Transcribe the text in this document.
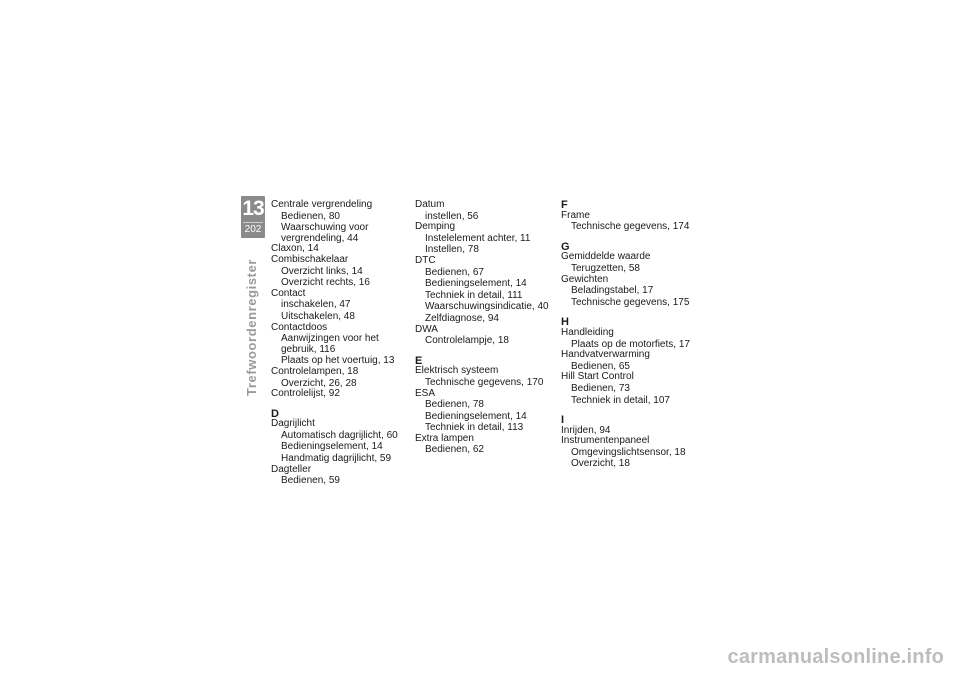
13
202
Trefwoordenregister
Centrale vergrendeling
Bedienen, 80
Waarschuwing voor vergrendeling, 44
Claxon, 14
Combischakelaar
Overzicht links, 14
Overzicht rechts, 16
Contact
inschakelen, 47
Uitschakelen, 48
Contactdoos
Aanwijzingen voor het gebruik, 116
Plaats op het voertuig, 13
Controlelampen, 18
Overzicht, 26, 28
Controlelijst, 92
D
Dagrijlicht
Automatisch dagrijlicht, 60
Bedieningselement, 14
Handmatig dagrijlicht, 59
Dagteller
Bedienen, 59
Datum
instellen, 56
Demping
Instelelement achter, 11
Instellen, 78
DTC
Bedienen, 67
Bedieningselement, 14
Techniek in detail, 111
Waarschuwingsindicatie, 40
Zelfdiagnose, 94
DWA
Controlelampje, 18
E
Elektrisch systeem
Technische gegevens, 170
ESA
Bedienen, 78
Bedieningselement, 14
Techniek in detail, 113
Extra lampen
Bedienen, 62
F
Frame
Technische gegevens, 174
G
Gemiddelde waarde
Terugzetten, 58
Gewichten
Beladingstabel, 17
Technische gegevens, 175
H
Handleiding
Plaats op de motorfiets, 17
Handvatverwarming
Bedienen, 65
Hill Start Control
Bedienen, 73
Techniek in detail, 107
I
Inrijden, 94
Instrumentenpaneel
Omgevingslichtsensor, 18
Overzicht, 18
carmanualsonline.info
